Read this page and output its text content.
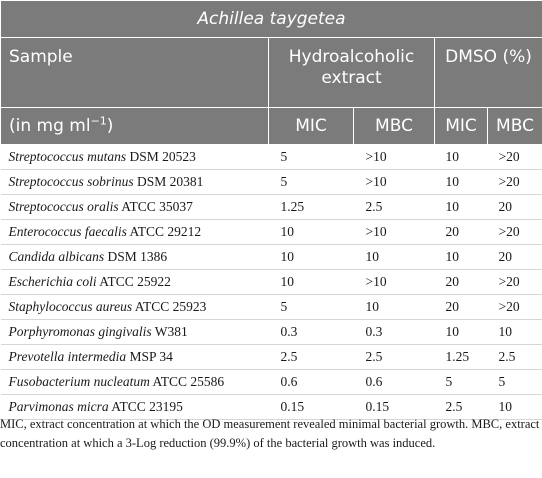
Achillea taygetea				
Sample	Hydroalcoholic extract		DMSO (%)	
(in mg $ml^{-1}$)	MIC	MBC	MIC	MBC
Streptococcus mutans DSM 20523	5	>10	10	>20
Streptococcus sobrinus DSM 20381	5	>10	10	>20
Streptococcus oralis ATCC 35037	1.25	2.5	10	20
Enterococcus faecalis ATCC 29212	10	>10	20	>20
Candida albicans DSM 1386	10	10	10	20
Escherichia coli ATCC 25922	10	>10	20	>20
Staphylococcus aureus ATCC 25923	5	10	20	>20
Porphyromonas gingivalis W381	0.3	0.3	10	10
Prevotella intermedia MSP 34	2.5	2.5	1.25	2.5
Fusobacterium nucleatum ATCC 25586	0.6	0.6	5	5
Parvimonas micra ATCC 23195	0.15	0.15	2.5	10

MIC, extract concentration at which the OD measurement revealed minimal bacterial growth. MBC, extract concentration at which a 3-Log reduction (99.9%) of the bacterial growth was induced.
